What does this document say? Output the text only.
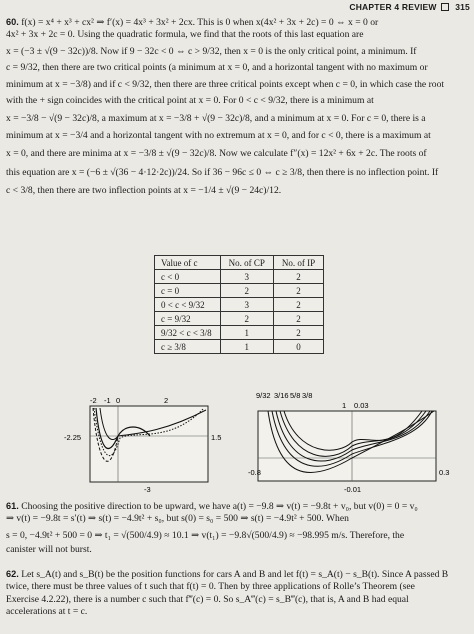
CHAPTER 4 REVIEW 315
60. f(x) = x⁴ + x³ + cx² ⇒ f′(x) = 4x³ + 3x² + 2cx. This is 0 when x(4x² + 3x + 2c) = 0 ⇔ x = 0 or
4x² + 3x + 2c = 0. Using the quadratic formula, we find that the roots of this last equation are
x = (−3 ± √(9 − 32c))/8. Now if 9 − 32c < 0 ⇔ c > 9/32, then x = 0 is the only critical point, a minimum. If
c = 9/32, then there are two critical points (a minimum at x = 0, and a horizontal tangent with no maximum or
minimum at x = −3/8) and if c < 9/32, then there are three critical points except when c = 0, in which case the root
with the + sign coincides with the critical point at x = 0. For 0 < c < 9/32, there is a minimum at
x = −3/8 − √(9 − 32c)/8, a maximum at x = −3/8 + √(9 − 32c)/8, and a minimum at x = 0. For c = 0, there is a
minimum at x = −3/4 and a horizontal tangent with no extremum at x = 0, and for c < 0, there is a maximum at
x = 0, and there are minima at x = −3/8 ± √(9 − 32c)/8. Now we calculate f″(x) = 12x² + 6x + 2c. The roots of
this equation are x = (−6 ± √(36 − 4·12·2c))/24. So if 36 − 96c ≤ 0 ⇔ c ≥ 3/8, then there is no inflection point. If
c < 3/8, then there are two inflection points at x = −1/4 ± √(9 − 24c)/12.
Value of c	No. of CP	No. of IP
c < 0	3	2
c = 0	2	2
0 < c < 9/32	3	2
c = 9/32	2	2
9/32 < c < 3/8	1	2
c ≥ 3/8	1	0
-2 -1 0	2
-2.25	1.5
-3
9/32 3/16 5/8 3/8
1 0.03
-0.8	0.3
-0.01
61. Choosing the positive direction to be upward, we have a(t) = −9.8 ⇒ v(t) = −9.8t + v₀, but v(0) = 0 = v₀
⇒ v(t) = −9.8t = s′(t) ⇒ s(t) = −4.9t² + s₀, but s(0) = s₀ = 500 ⇒ s(t) = −4.9t² + 500. When
s = 0, −4.9t² + 500 = 0 ⇒ t₁ = √(500/4.9) ≈ 10.1 ⇒ v(t₁) = −9.8√(500/4.9) ≈ −98.995 m/s. Therefore, the
canister will not burst.
62. Let s_A(t) and s_B(t) be the position functions for cars A and B and let f(t) = s_A(t) − s_B(t). Since A passed B
twice, there must be three values of t such that f(t) = 0. Then by three applications of Rolle’s Theorem (see
Exercise 4.2.22), there is a number c such that f‴(c) = 0. So s_A‴(c) = s_B‴(c), that is, A and B had equal
accelerations at t = c.
